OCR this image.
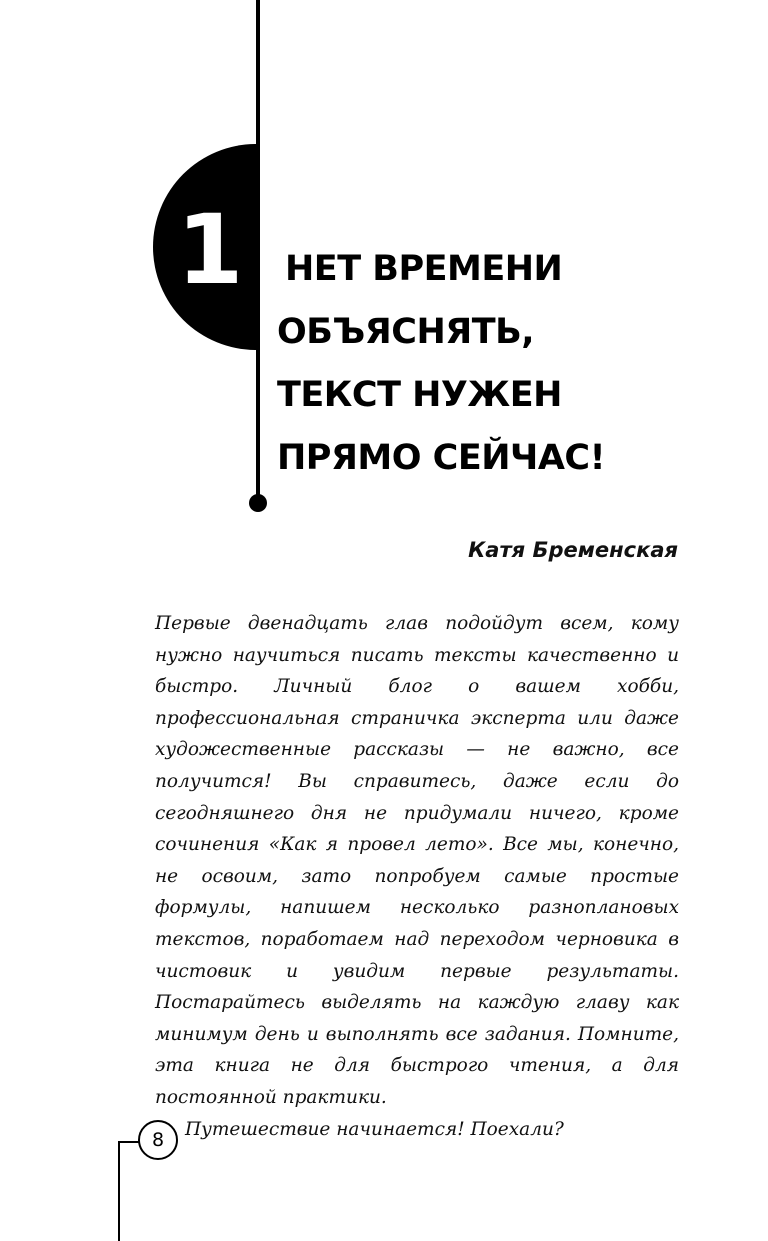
1	НЕТ ВРЕМЕНИ
ОБЪЯСНЯТЬ,
ТЕКСТ НУЖЕН
ПРЯМО СЕЙЧАС!
Катя Бременская

Первые двенадцать глав подойдут всем, кому нужно научиться писать тексты качественно и быстро. Личный блог о вашем хобби, профессиональная страничка эксперта или даже художественные рассказы — не важно, все получится! Вы справитесь, даже если до сегодняшнего дня не придумали ничего, кроме сочинения «Как я провел лето». Все мы, конечно, не освоим, зато попробуем самые простые формулы, напишем несколько разноплановых текстов, поработаем над переходом черновика в чистовик и увидим первые результаты. Постарайтесь выделять на каждую главу как минимум день и выполнять все задания. Помните, эта книга не для быстрого чтения, а для постоянной практики.

Путешествие начинается! Поехали?

8
